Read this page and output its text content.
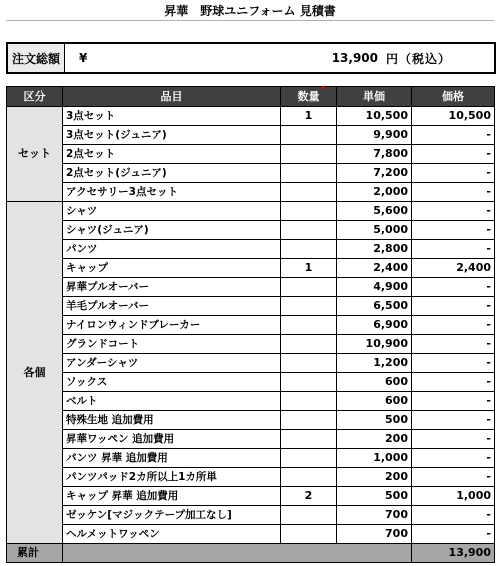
昇華　野球ユニフォーム 見積書
注文総額	¥	13,900 円（税込）
区分	品目	数量	単価	価格
セット	3点セット	1	10,500	10,500
	3点セット(ジュニア)		9,900	-
	2点セット		7,800	-
	2点セット(ジュニア)		7,200	-
	アクセサリー3点セット		2,000	-
各個	シャツ		5,600	-
	シャツ(ジュニア)		5,000	-
	パンツ		2,800	-
	キャップ	1	2,400	2,400
	昇華プルオーバー		4,900	-
	羊毛プルオーバー		6,500	-
	ナイロンウィンドブレーカー		6,900	-
	グランドコート		10,900	-
	アンダーシャツ		1,200	-
	ソックス		600	-
	ベルト		600	-
	特殊生地 追加費用		500	-
	昇華ワッペン 追加費用		200	-
	パンツ 昇華 追加費用		1,000	-
	パンツパッド2カ所以上1カ所単		200	-
	キャップ 昇華 追加費用	2	500	1,000
	ゼッケン[マジックテープ加工なし]		700	-
	ヘルメットワッペン		700	-
累計				13,900
